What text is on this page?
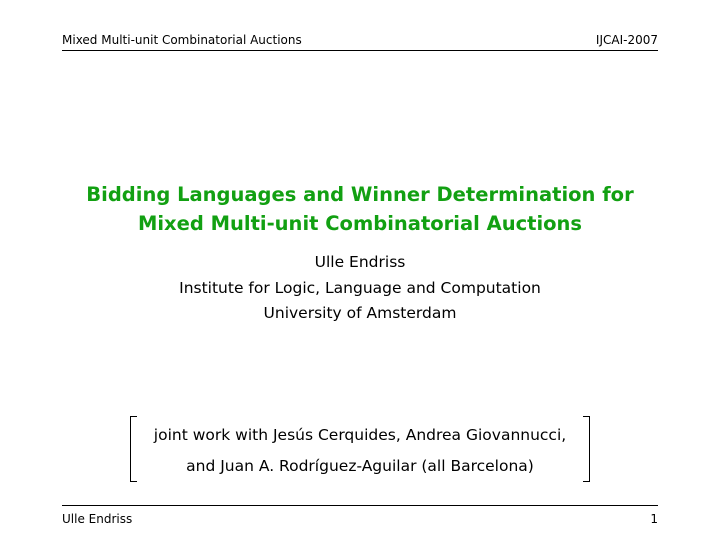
Mixed Multi-unit Combinatorial Auctions	IJCAI-2007
Bidding Languages and Winner Determination for
Mixed Multi-unit Combinatorial Auctions
Ulle Endriss
Institute for Logic, Language and Computation
University of Amsterdam
joint work with Jesús Cerquides, Andrea Giovannucci,
and Juan A. Rodríguez-Aguilar (all Barcelona)
Ulle Endriss	1
